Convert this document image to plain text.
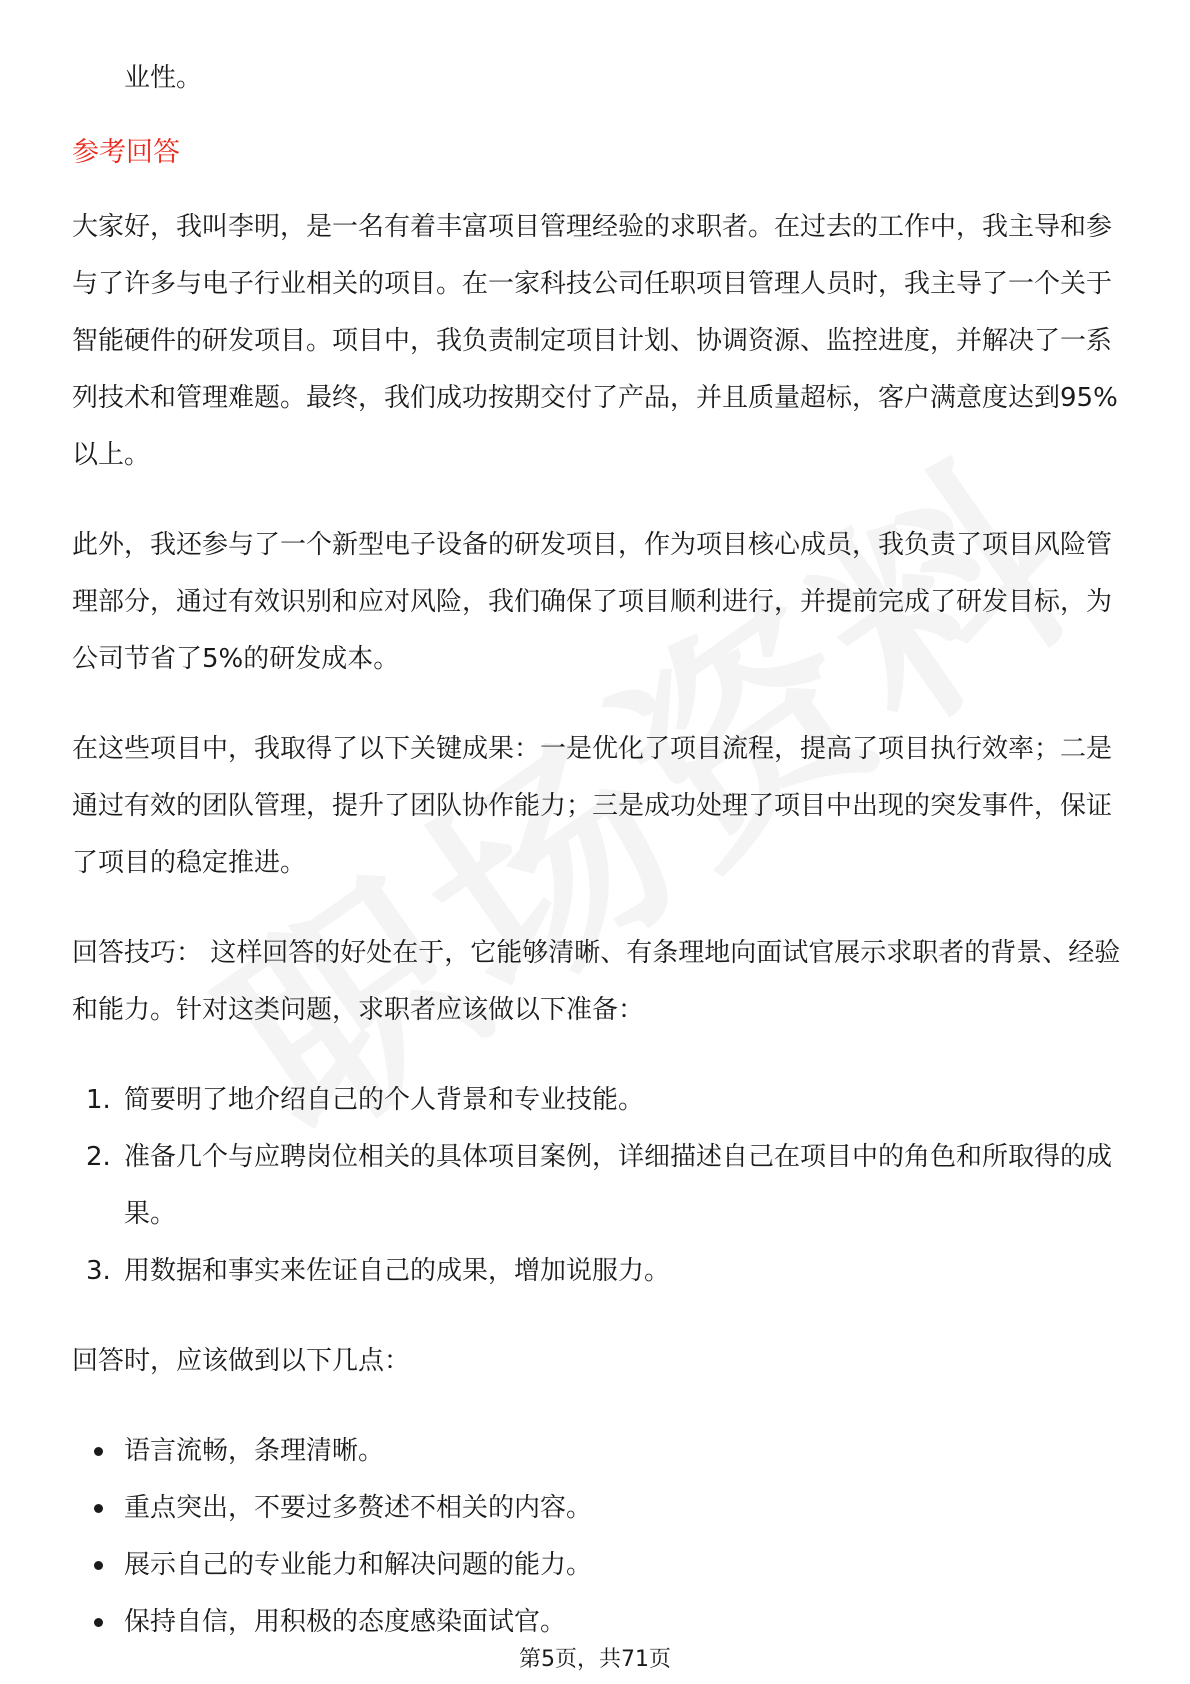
业性。

参考回答

大家好，我叫李明，是一名有着丰富项目管理经验的求职者。在过去的工作中，我主导和参与了许多与电子行业相关的项目。在一家科技公司任职项目管理人员时，我主导了一个关于智能硬件的研发项目。项目中，我负责制定项目计划、协调资源、监控进度，并解决了一系列技术和管理难题。最终，我们成功按期交付了产品，并且质量超标，客户满意度达到95%以上。

此外，我还参与了一个新型电子设备的研发项目，作为项目核心成员，我负责了项目风险管理部分，通过有效识别和应对风险，我们确保了项目顺利进行，并提前完成了研发目标，为公司节省了5%的研发成本。

在这些项目中，我取得了以下关键成果：一是优化了项目流程，提高了项目执行效率；二是通过有效的团队管理，提升了团队协作能力；三是成功处理了项目中出现的突发事件，保证了项目的稳定推进。

回答技巧： 这样回答的好处在于，它能够清晰、有条理地向面试官展示求职者的背景、经验和能力。针对这类问题，求职者应该做以下准备：

1. 简要明了地介绍自己的个人背景和专业技能。
2. 准备几个与应聘岗位相关的具体项目案例，详细描述自己在项目中的角色和所取得的成果。
3. 用数据和事实来佐证自己的成果，增加说服力。

回答时，应该做到以下几点：

语言流畅，条理清晰。
重点突出，不要过多赘述不相关的内容。
展示自己的专业能力和解决问题的能力。
保持自信，用积极的态度感染面试官。
第5页，共71页
